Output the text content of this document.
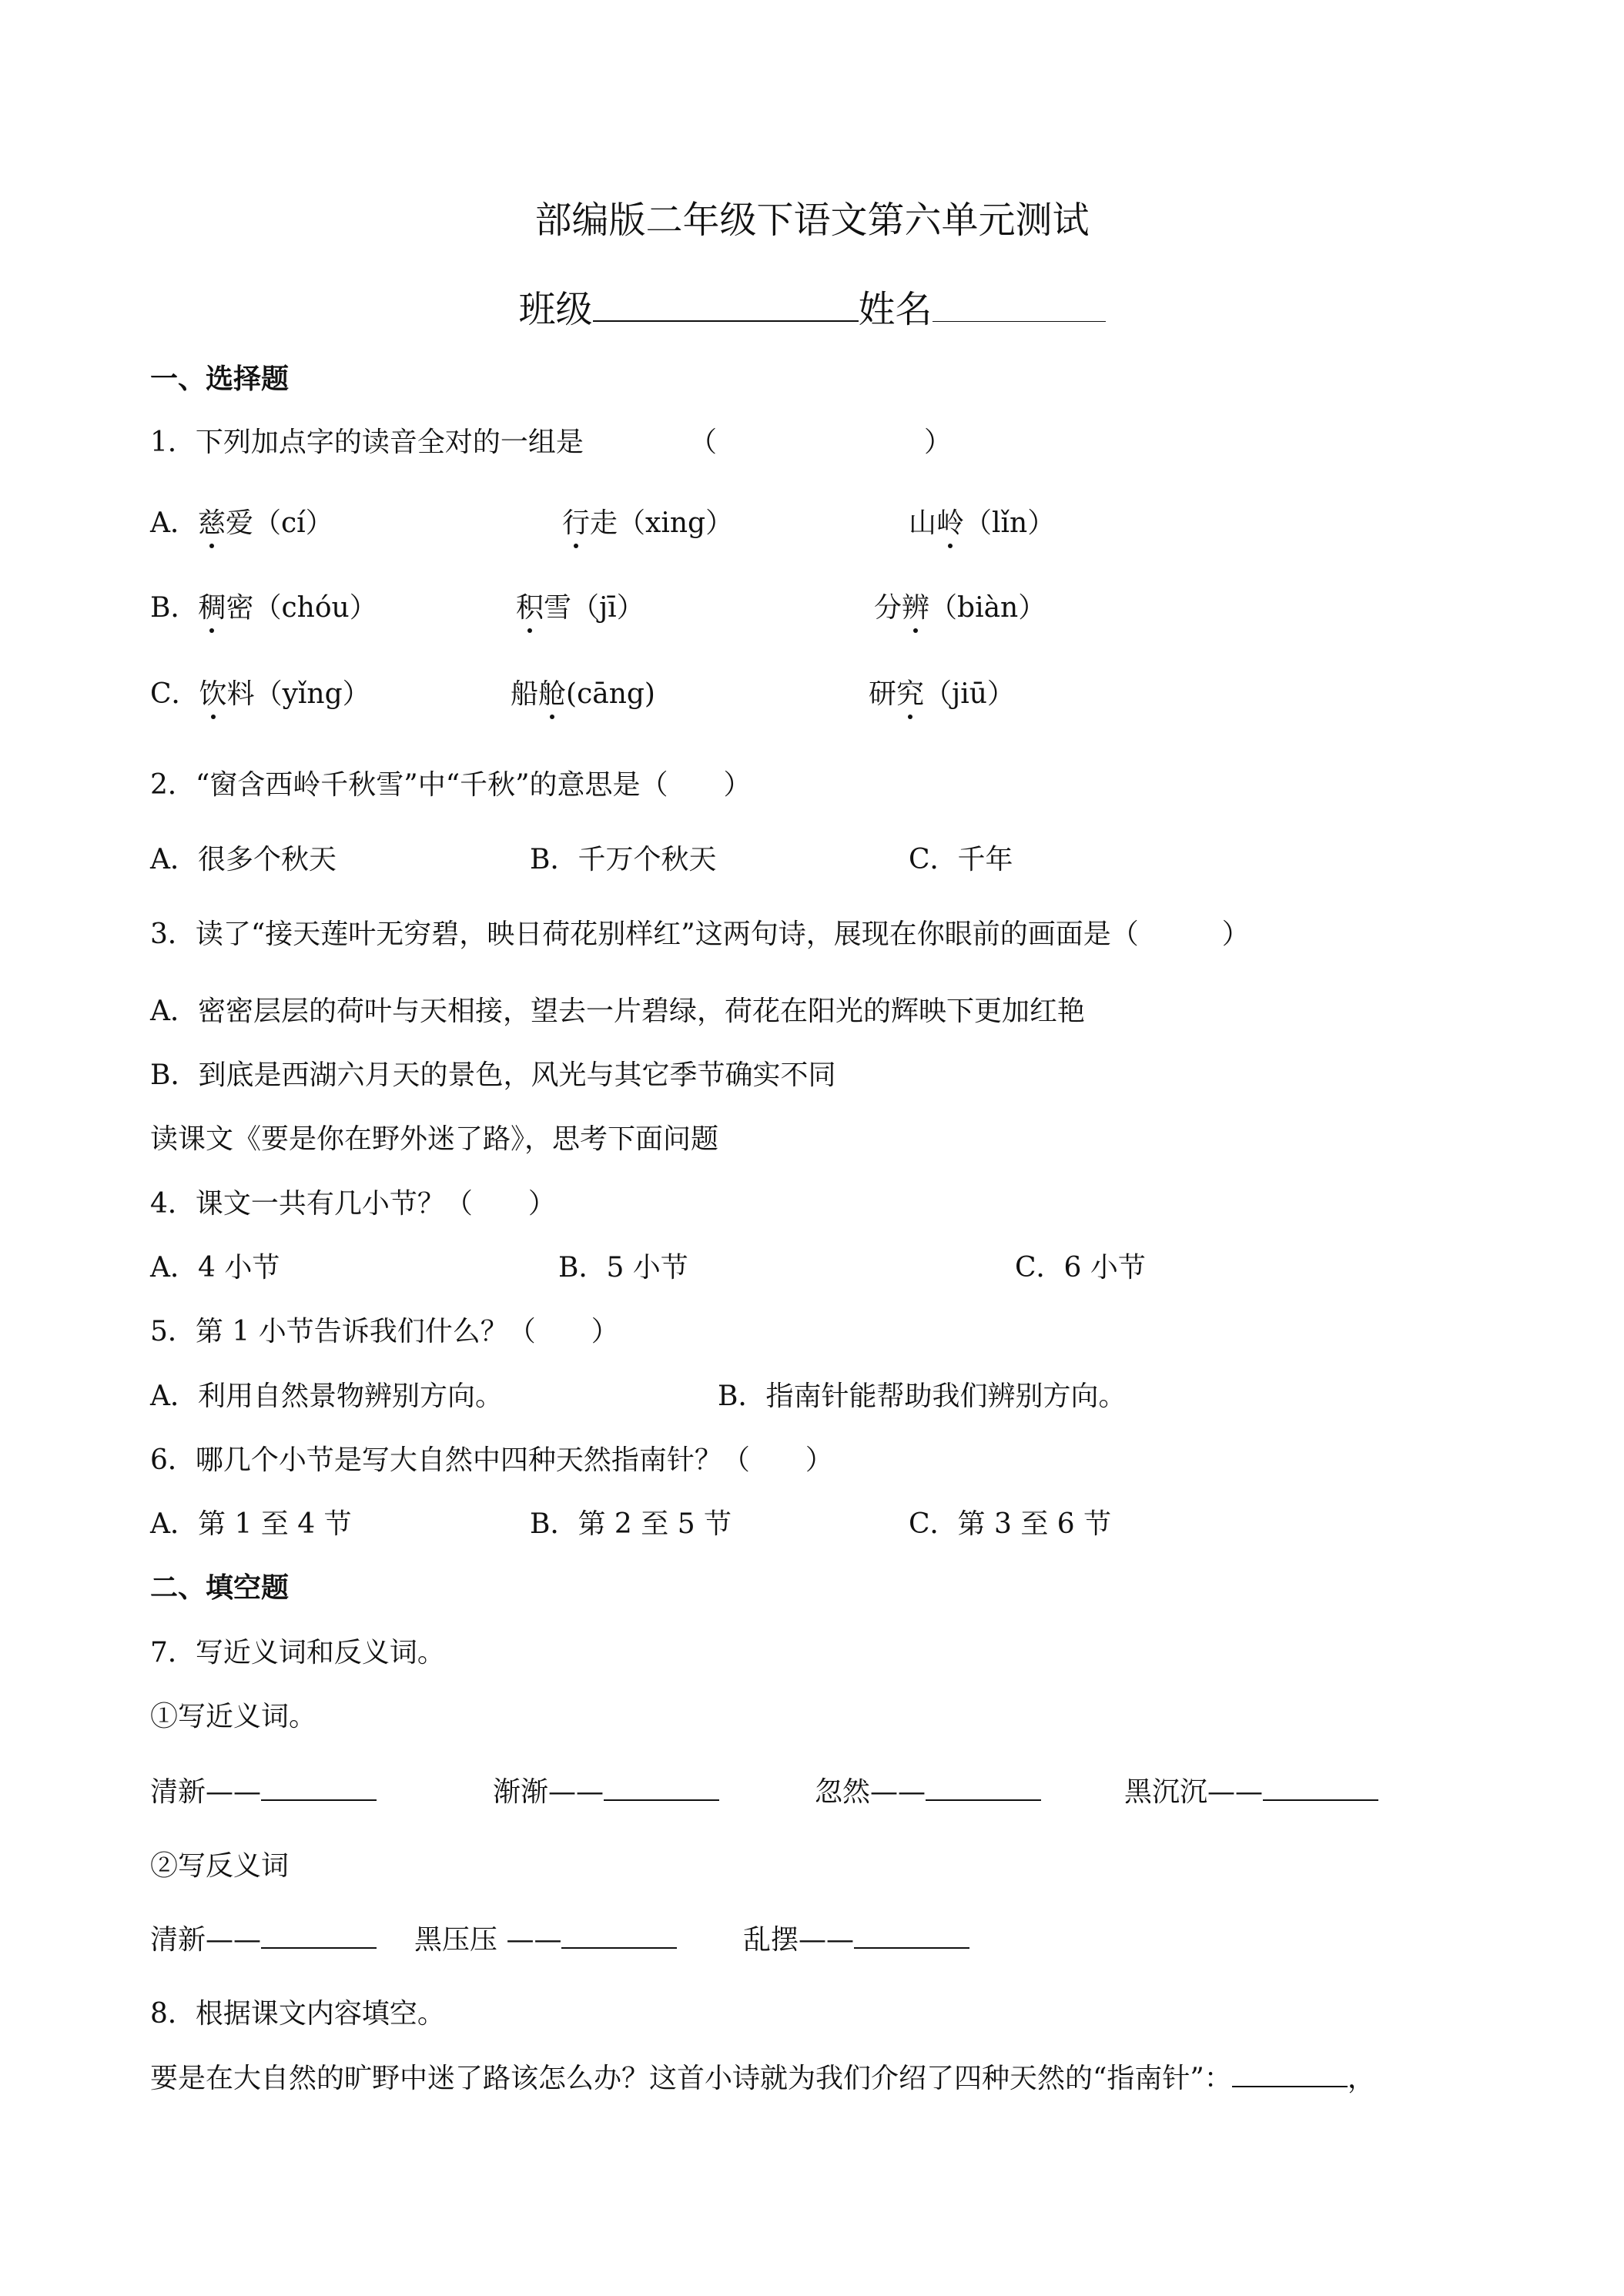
部编版二年级下语文第六单元测试
班级	姓名
一、选择题
1．下列加点字的读音全对的一组是	（	）
A．慈爱（cí）	行走（xing）	山岭（lǐn）
B．稠密（chóu）	积雪（jī）	分辨（biàn）
C．饮料（yǐng）	船舱(cāng)	研究（jiū）
2．“窗含西岭千秋雪”中“千秋”的意思是（　　）
A．很多个秋天	B．千万个秋天	C．千年
3．读了“接天莲叶无穷碧，映日荷花别样红”这两句诗，展现在你眼前的画面是（　　　）
A．密密层层的荷叶与天相接，望去一片碧绿，荷花在阳光的辉映下更加红艳
B．到底是西湖六月天的景色，风光与其它季节确实不同
读课文《要是你在野外迷了路》，思考下面问题
4．课文一共有几小节？（　　）
A．4 小节	B．5 小节	C．6 小节
5．第 1 小节告诉我们什么？（　　）
A．利用自然景物辨别方向。	B．指南针能帮助我们辨别方向。
6．哪几个小节是写大自然中四种天然指南针？（　　）
A．第 1 至 4 节	B．第 2 至 5 节	C．第 3 至 6 节
二、填空题
7．写近义词和反义词。
①写近义词。
清新——	渐渐——	忽然——	黑沉沉——
②写反义词
清新——	黑压压 ——	乱摆——
8．根据课文内容填空。
要是在大自然的旷野中迷了路该怎么办？这首小诗就为我们介绍了四种天然的“指南针”：	，
